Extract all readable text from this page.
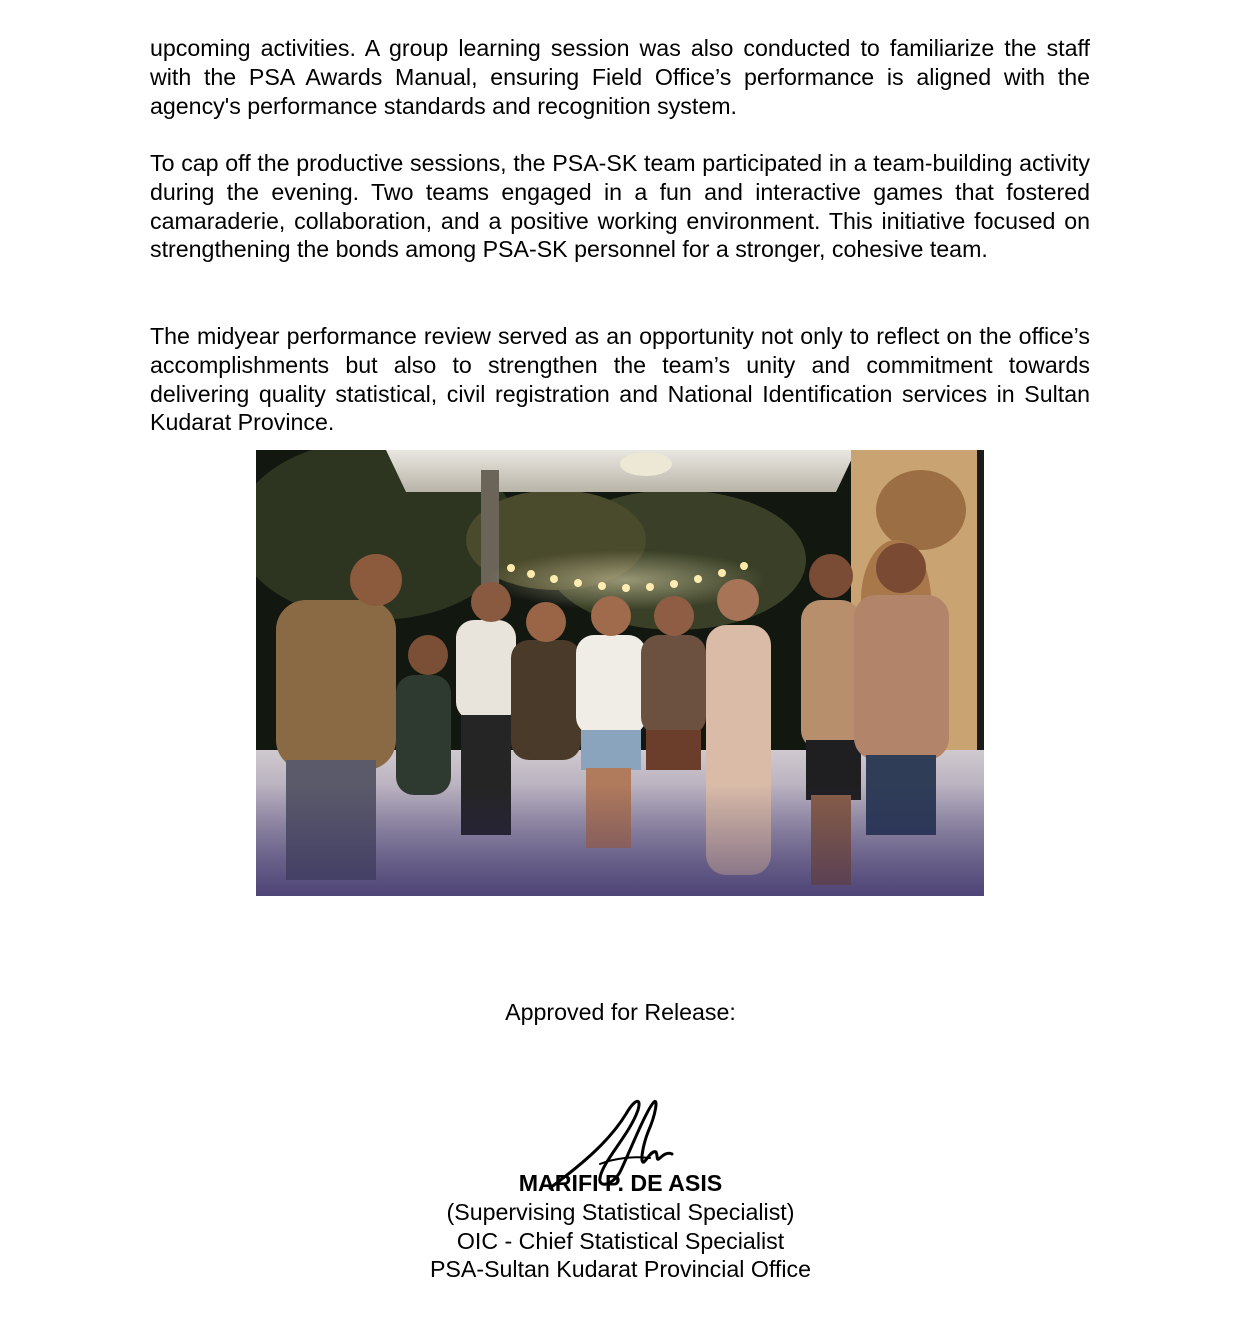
upcoming activities. A group learning session was also conducted to familiarize the staff with the PSA Awards Manual, ensuring Field Office’s performance is aligned with the agency's performance standards and recognition system.

To cap off the productive sessions, the PSA-SK team participated in a team-building activity during the evening. Two teams engaged in a fun and interactive games that fostered camaraderie, collaboration, and a positive working environment. This initiative focused on strengthening the bonds among PSA-SK personnel for a stronger, cohesive team.

The midyear performance review served as an opportunity not only to reflect on the office’s accomplishments but also to strengthen the team’s unity and commitment towards delivering quality statistical, civil registration and National Identification services in Sultan Kudarat Province.

Approved for Release:
MARIFI P. DE ASIS
(Supervising Statistical Specialist)
OIC - Chief Statistical Specialist
PSA-Sultan Kudarat Provincial Office
